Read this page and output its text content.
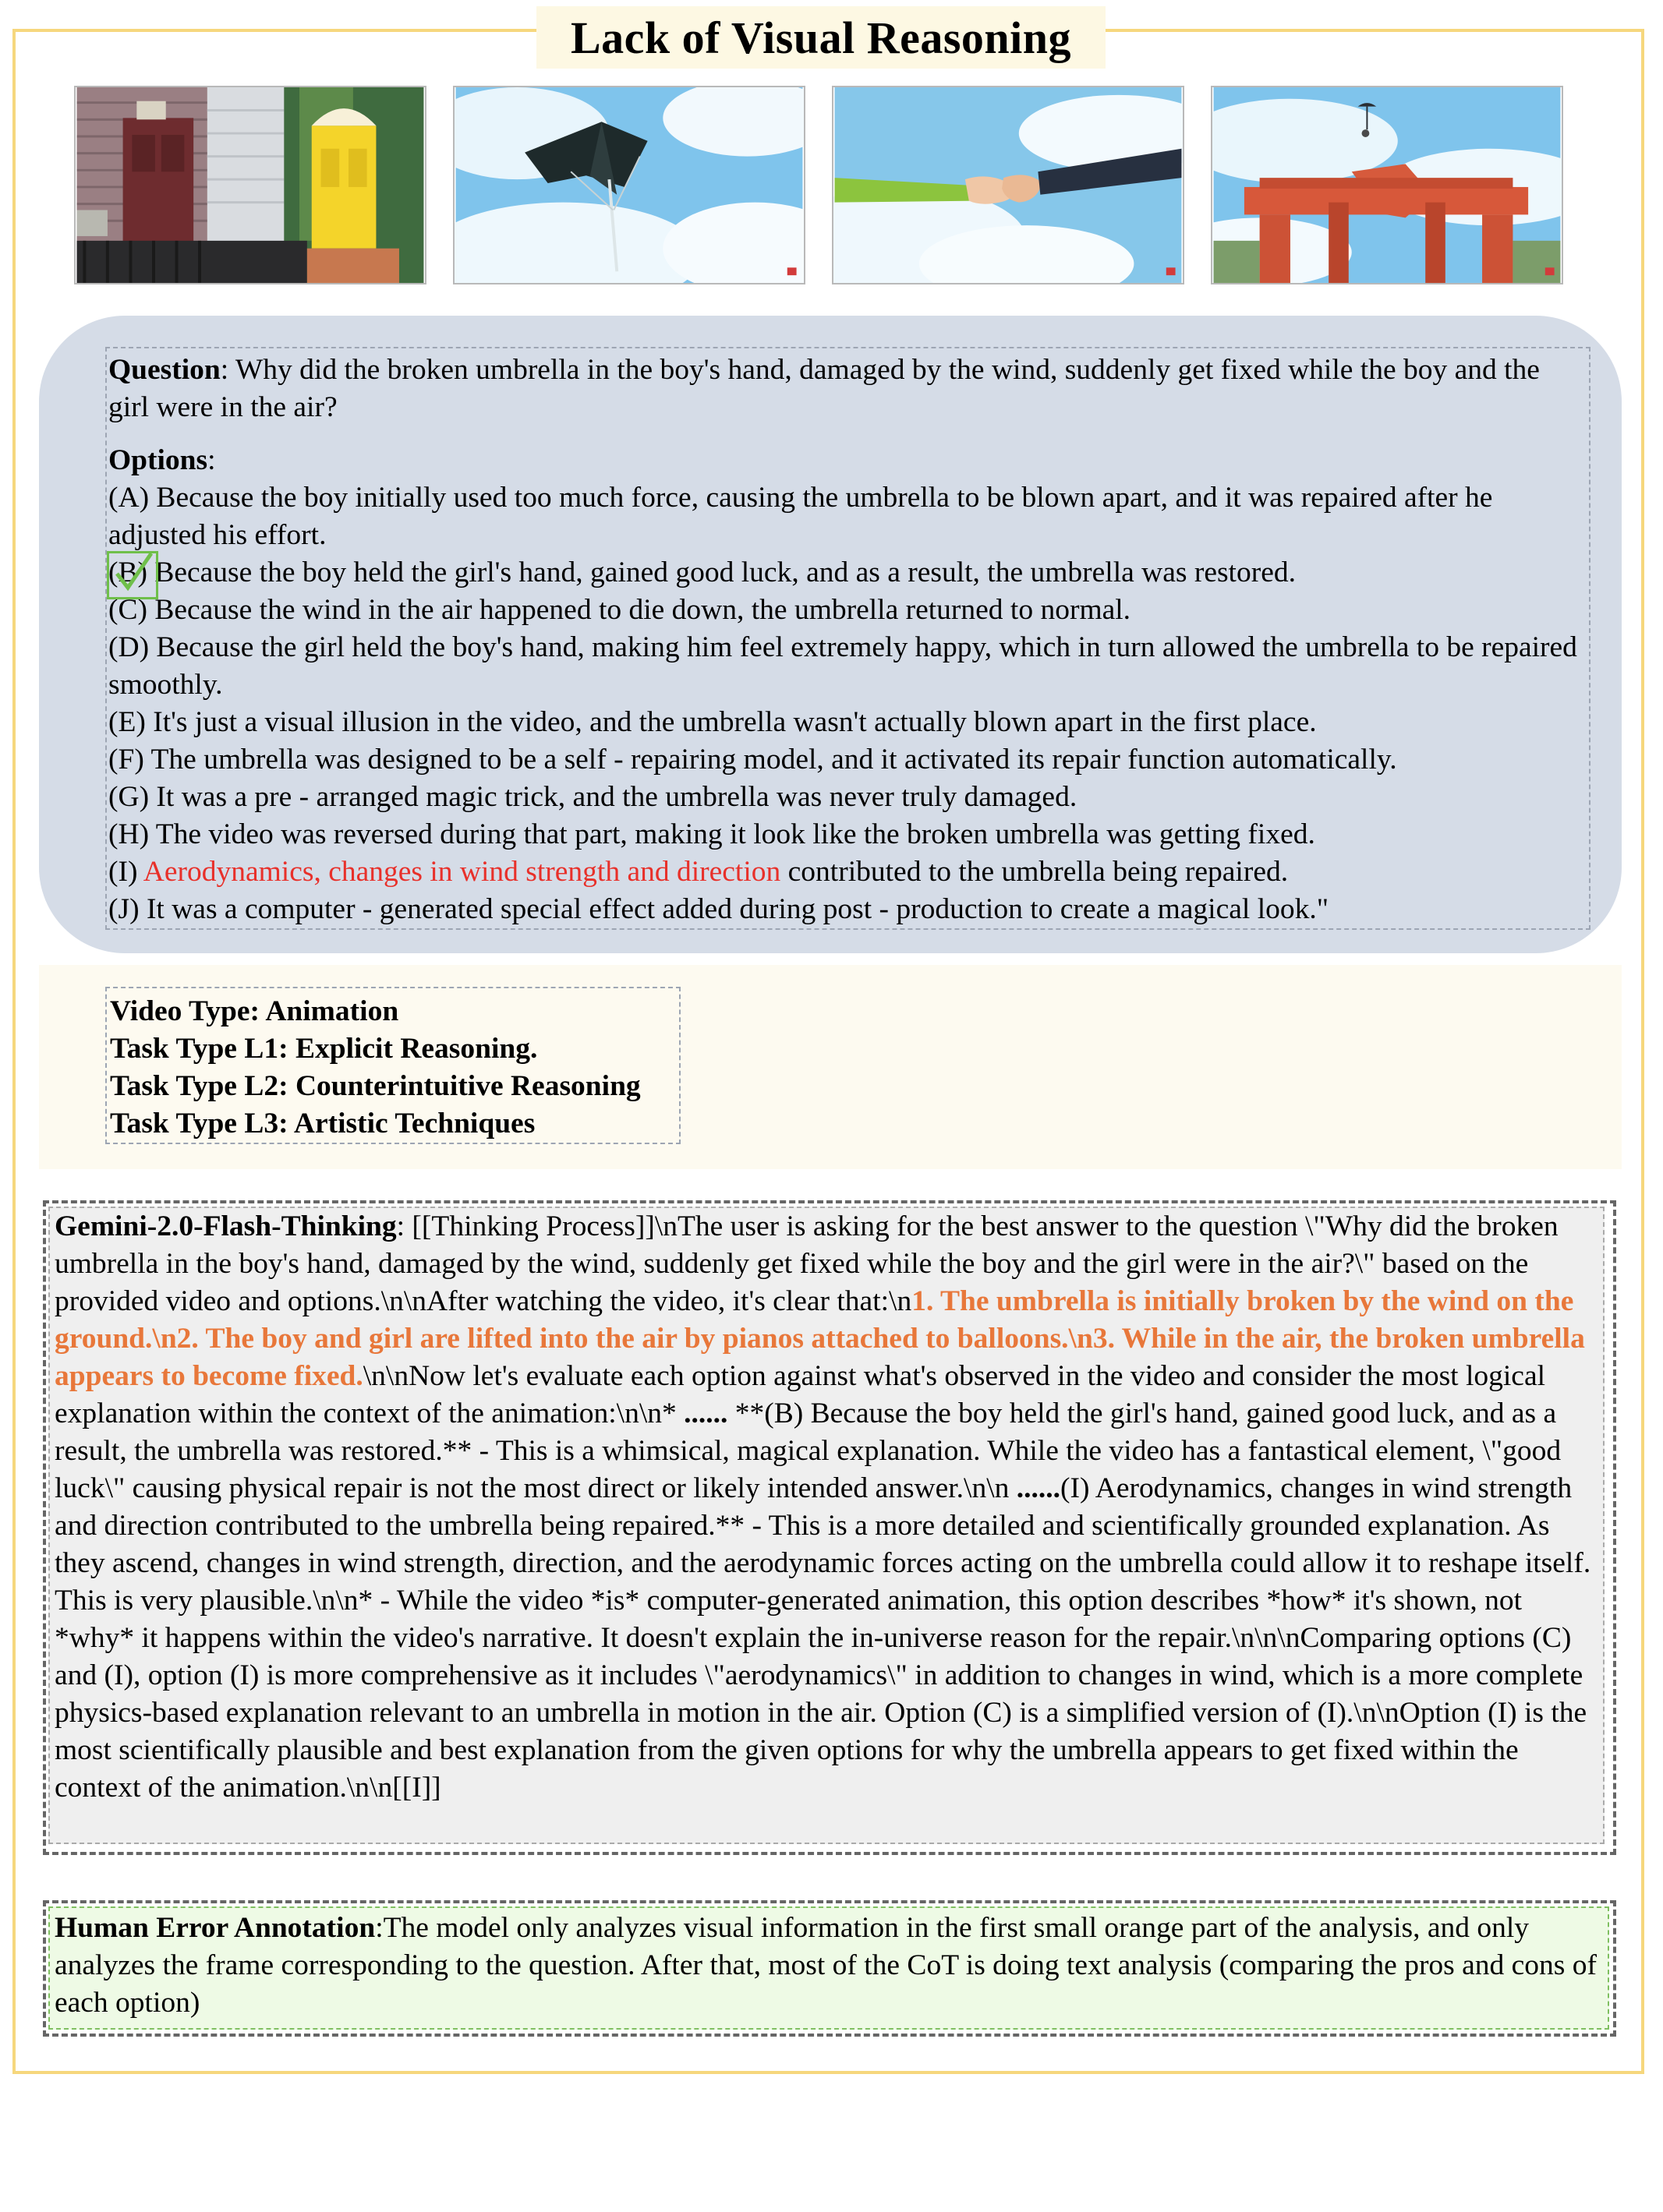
Lack of Visual Reasoning

Question: Why did the broken umbrella in the boy's hand, damaged by the wind, suddenly get fixed while the boy and the girl were in the air?

Options:

(A) Because the boy initially used too much force, causing the umbrella to be blown apart, and it was repaired after he adjusted his effort.

(B) Because the boy held the girl's hand, gained good luck, and as a result, the umbrella was restored.

(C) Because the wind in the air happened to die down, the umbrella returned to normal.

(D) Because the girl held the boy's hand, making him feel extremely happy, which in turn allowed the umbrella to be repaired smoothly.

(E) It's just a visual illusion in the video, and the umbrella wasn't actually blown apart in the first place.

(F) The umbrella was designed to be a self - repairing model, and it activated its repair function automatically.

(G) It was a pre - arranged magic trick, and the umbrella was never truly damaged.

(H) The video was reversed during that part, making it look like the broken umbrella was getting fixed.

(I) Aerodynamics, changes in wind strength and direction contributed to the umbrella being repaired.

(J) It was a computer - generated special effect added during post - production to create a magical look."

Video Type: Animation
Task Type L1: Explicit Reasoning.
Task Type L2: Counterintuitive Reasoning
Task Type L3: Artistic Techniques

Gemini-2.0-Flash-Thinking: [[Thinking Process]]\nThe user is asking for the best answer to the question \"Why did the broken umbrella in the boy's hand, damaged by the wind, suddenly get fixed while the boy and the girl were in the air?\" based on the provided video and options.\n\nAfter watching the video, it's clear that:\n1. The umbrella is initially broken by the wind on the ground.\n2. The boy and girl are lifted into the air by pianos attached to balloons.\n3. While in the air, the broken umbrella appears to become fixed.\n\nNow let's evaluate each option against what's observed in the video and consider the most logical explanation within the context of the animation:\n\n* ...... **(B) Because the boy held the girl's hand, gained good luck, and as a result, the umbrella was restored.** - This is a whimsical, magical explanation. While the video has a fantastical element, \"good luck\" causing physical repair is not the most direct or likely intended answer.\n\n ......(I) Aerodynamics, changes in wind strength and direction contributed to the umbrella being repaired.** - This is a more detailed and scientifically grounded explanation. As they ascend, changes in wind strength, direction, and the aerodynamic forces acting on the umbrella could allow it to reshape itself. This is very plausible.\n\n* - While the video *is* computer-generated animation, this option describes *how* it's shown, not *why* it happens within the video's narrative. It doesn't explain the in-universe reason for the repair.\n\n\nComparing options (C) and (I), option (I) is more comprehensive as it includes \"aerodynamics\" in addition to changes in wind, which is a more complete physics-based explanation relevant to an umbrella in motion in the air. Option (C) is a simplified version of (I).\n\nOption (I) is the most scientifically plausible and best explanation from the given options for why the umbrella appears to get fixed within the context of the animation.\n\n[[I]]

Human Error Annotation:The model only analyzes visual information in the first small orange part of the analysis, and only analyzes the frame corresponding to the question. After that, most of the CoT is doing text analysis (comparing the pros and cons of each option)
